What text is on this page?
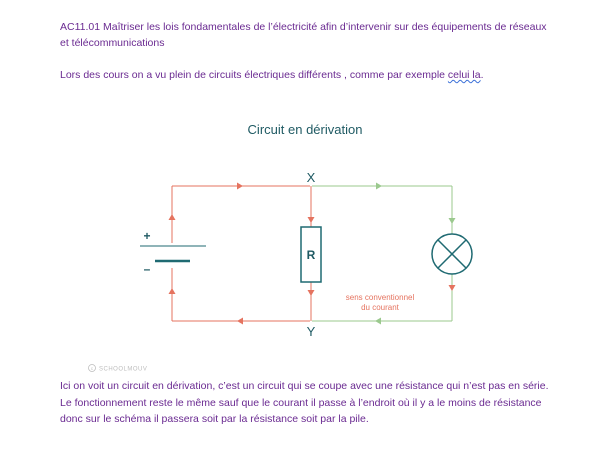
AC11.01 Maîtriser les lois fondamentales de l’électricité afin d’intervenir sur des équipements de réseaux et télécommunications

Lors des cours on a vu plein de circuits électriques différents , comme par exemple celui la.

Circuit en dérivation
+
–
R
X
Y
sens conventionnel
du courant
c SCHOOLMOUV

Ici on voit un circuit en dérivation, c’est un circuit qui se coupe avec une résistance qui n’est pas en série. Le fonctionnement reste le même sauf que le courant il passe à l’endroit où il y a le moins de résistance donc sur le schéma il passera soit par la résistance soit par la pile.
